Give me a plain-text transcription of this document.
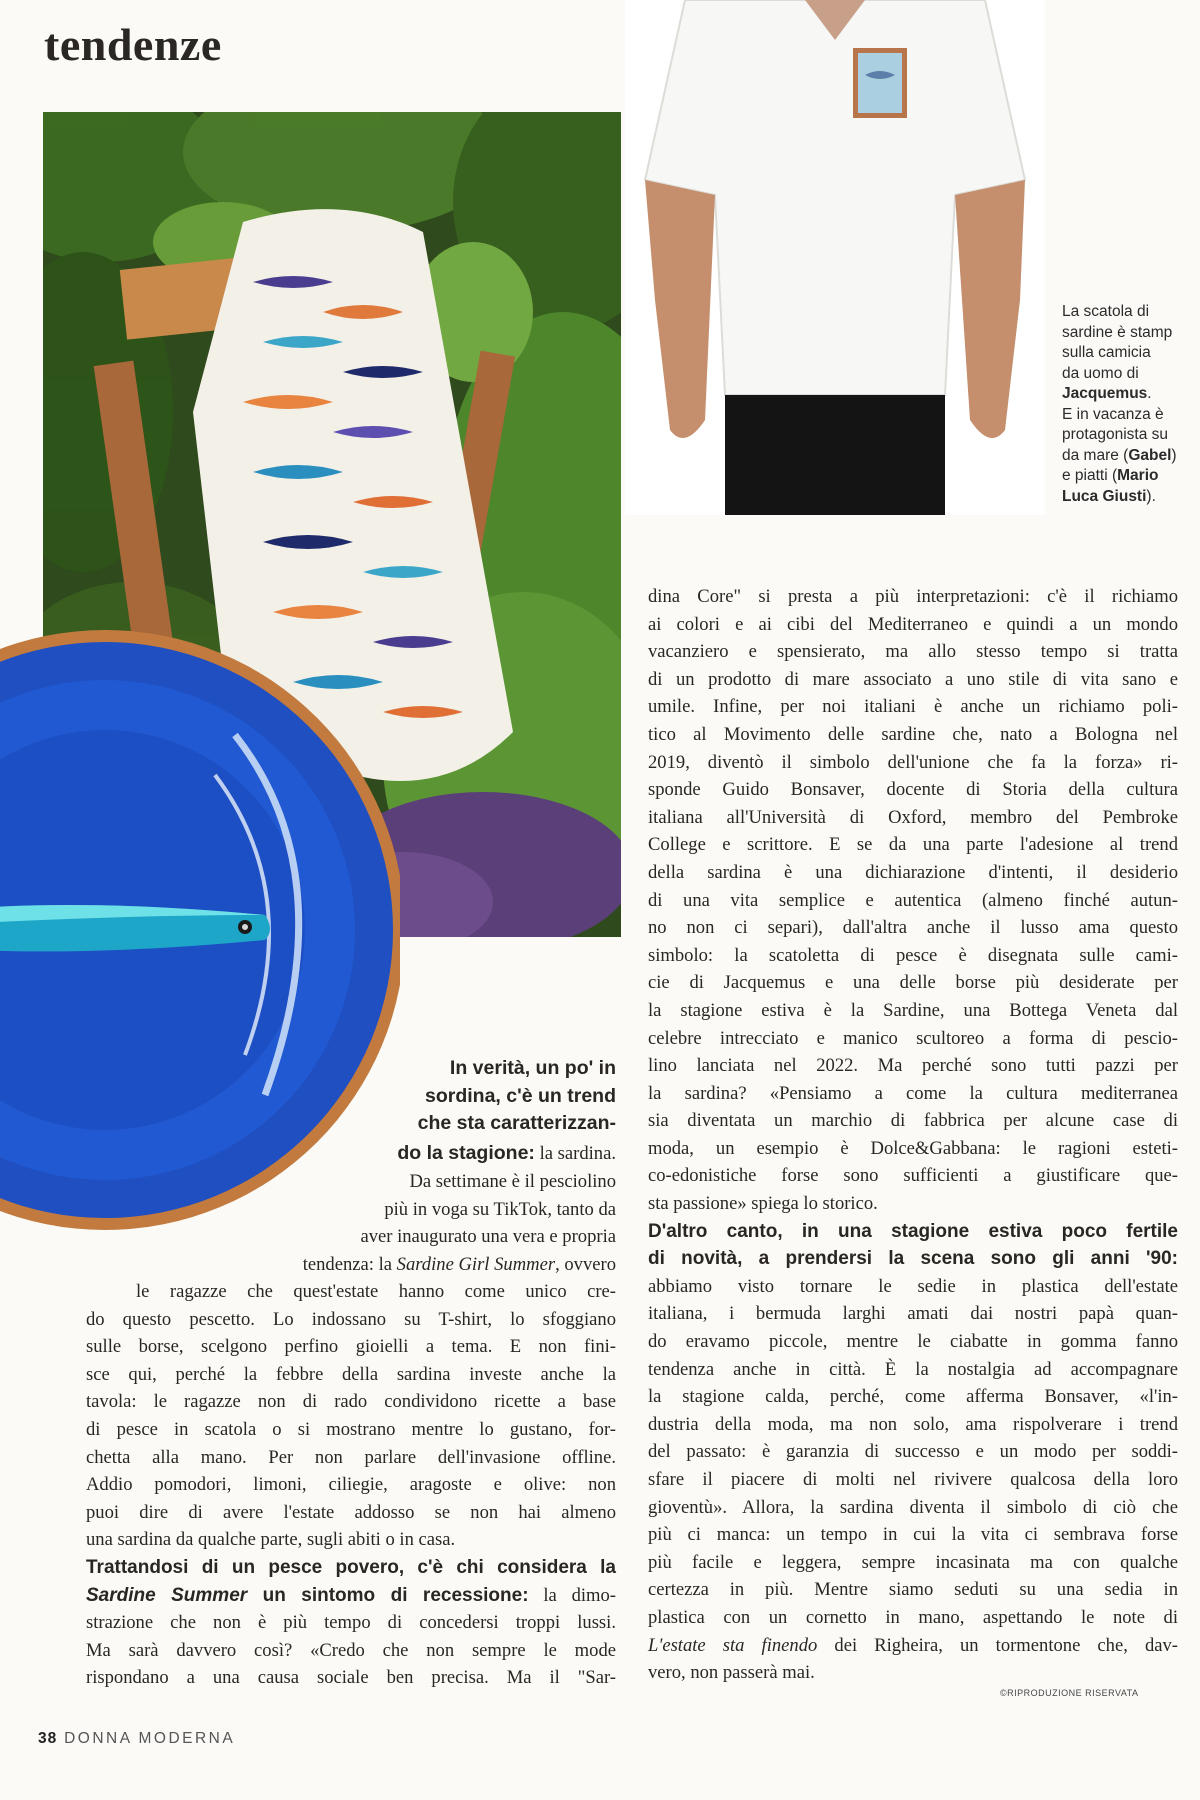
tendenze
La scatola di
sardine è stamp
sulla camicia
da uomo di
Jacquemus.
E in vacanza è
protagonista su
da mare (Gabel)
e piatti (Mario
Luca Giusti).
In verità, un po' in
sordina, c'è un trend
che sta caratterizzan-
do la stagione: la sardina.
Da settimane è il pesciolino
più in voga su TikTok, tanto da
aver inaugurato una vera e propria
tendenza: la Sardine Girl Summer, ovvero
le ragazze che quest'estate hanno come unico cre-
do questo pescetto. Lo indossano su T-shirt, lo sfoggiano
sulle borse, scelgono perfino gioielli a tema. E non fini-
sce qui, perché la febbre della sardina investe anche la
tavola: le ragazze non di rado condividono ricette a base
di pesce in scatola o si mostrano mentre lo gustano, for-
chetta alla mano. Per non parlare dell'invasione offline.
Addio pomodori, limoni, ciliegie, aragoste e olive: non
puoi dire di avere l'estate addosso se non hai almeno
una sardina da qualche parte, sugli abiti o in casa.
Trattandosi di un pesce povero, c'è chi considera la
Sardine Summer un sintomo di recessione: la dimo-
strazione che non è più tempo di concedersi troppi lussi.
Ma sarà davvero così? «Credo che non sempre le mode
rispondano a una causa sociale ben precisa. Ma il "Sar-
dina Core" si presta a più interpretazioni: c'è il richiamo
ai colori e ai cibi del Mediterraneo e quindi a un mondo
vacanziero e spensierato, ma allo stesso tempo si tratta
di un prodotto di mare associato a uno stile di vita sano e
umile. Infine, per noi italiani è anche un richiamo poli-
tico al Movimento delle sardine che, nato a Bologna nel
2019, diventò il simbolo dell'unione che fa la forza» ri-
sponde Guido Bonsaver, docente di Storia della cultura
italiana all'Università di Oxford, membro del Pembroke
College e scrittore. E se da una parte l'adesione al trend
della sardina è una dichiarazione d'intenti, il desiderio
di una vita semplice e autentica (almeno finché autun-
no non ci separi), dall'altra anche il lusso ama questo
simbolo: la scatoletta di pesce è disegnata sulle cami-
cie di Jacquemus e una delle borse più desiderate per
la stagione estiva è la Sardine, una Bottega Veneta dal
celebre intrecciato e manico scultoreo a forma di pescio-
lino lanciata nel 2022. Ma perché sono tutti pazzi per
la sardina? «Pensiamo a come la cultura mediterranea
sia diventata un marchio di fabbrica per alcune case di
moda, un esempio è Dolce&Gabbana: le ragioni esteti-
co-edonistiche forse sono sufficienti a giustificare que-
sta passione» spiega lo storico.
D'altro canto, in una stagione estiva poco fertile
di novità, a prendersi la scena sono gli anni '90:
abbiamo visto tornare le sedie in plastica dell'estate
italiana, i bermuda larghi amati dai nostri papà quan-
do eravamo piccole, mentre le ciabatte in gomma fanno
tendenza anche in città. È la nostalgia ad accompagnare
la stagione calda, perché, come afferma Bonsaver, «l'in-
dustria della moda, ma non solo, ama rispolverare i trend
del passato: è garanzia di successo e un modo per soddi-
sfare il piacere di molti nel rivivere qualcosa della loro
gioventù». Allora, la sardina diventa il simbolo di ciò che
più ci manca: un tempo in cui la vita ci sembrava forse
più facile e leggera, sempre incasinata ma con qualche
certezza in più. Mentre siamo seduti su una sedia in
plastica con un cornetto in mano, aspettando le note di
L'estate sta finendo dei Righeira, un tormentone che, dav-
vero, non passerà mai.
©RIPRODUZIONE RISERVATA
38 DONNA MODERNA
